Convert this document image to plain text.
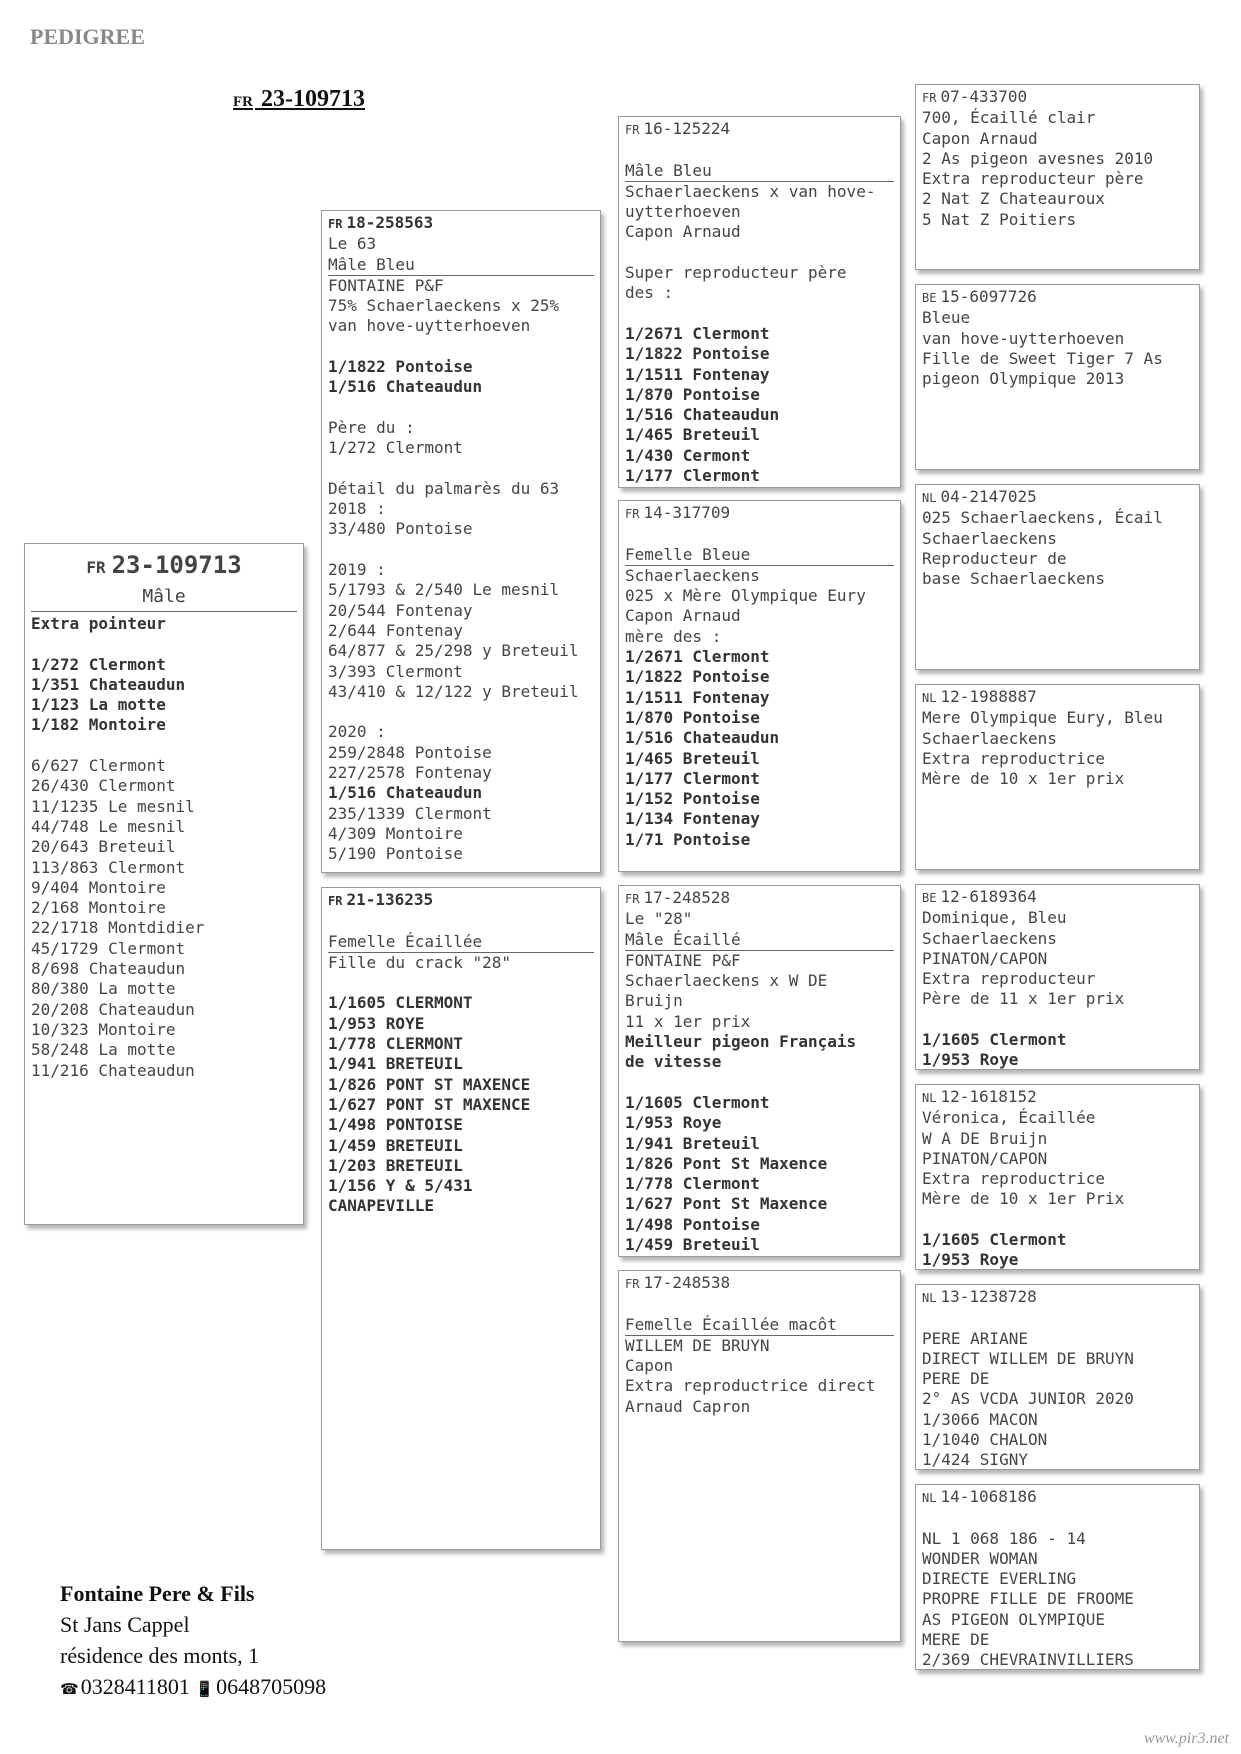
PEDIGREE
FR 23-109713
FR 23-109713
Mâle
Extra pointeur
1/272 Clermont
1/351 Chateaudun
1/123 La motte
1/182 Montoire
6/627 Clermont
26/430 Clermont
11/1235 Le mesnil
44/748 Le mesnil
20/643 Breteuil
113/863 Clermont
9/404 Montoire
2/168 Montoire
22/1718 Montdidier
45/1729 Clermont
8/698 Chateaudun
80/380 La motte
20/208 Chateaudun
10/323 Montoire
58/248 La motte
11/216 Chateaudun
FR 18-258563
Le 63
Mâle Bleu
FONTAINE P&F
75% Schaerlaeckens x 25%
van hove-uytterhoeven
1/1822 Pontoise
1/516 Chateaudun
Père du :
1/272 Clermont
Détail du palmarès du 63
2018 :
33/480 Pontoise
2019 :
5/1793 & 2/540 Le mesnil
20/544 Fontenay
2/644 Fontenay
64/877 & 25/298 y Breteuil
3/393 Clermont
43/410 & 12/122 y Breteuil
2020 :
259/2848 Pontoise
227/2578 Fontenay
1/516 Chateaudun
235/1339 Clermont
4/309 Montoire
5/190 Pontoise
FR 21-136235
Femelle Écaillée
Fille du crack "28"
1/1605 CLERMONT
1/953 ROYE
1/778 CLERMONT
1/941 BRETEUIL
1/826 PONT ST MAXENCE
1/627 PONT ST MAXENCE
1/498 PONTOISE
1/459 BRETEUIL
1/203 BRETEUIL
1/156 Y & 5/431
CANAPEVILLE
FR 16-125224
Mâle Bleu
Schaerlaeckens x van hove-
uytterhoeven
Capon Arnaud
Super reproducteur père
des :
1/2671 Clermont
1/1822 Pontoise
1/1511 Fontenay
1/870 Pontoise
1/516 Chateaudun
1/465 Breteuil
1/430 Cermont
1/177 Clermont
FR 14-317709
Femelle Bleue
Schaerlaeckens
025 x Mère Olympique Eury
Capon Arnaud
mère des :
1/2671 Clermont
1/1822 Pontoise
1/1511 Fontenay
1/870 Pontoise
1/516 Chateaudun
1/465 Breteuil
1/177 Clermont
1/152 Pontoise
1/134 Fontenay
1/71 Pontoise
FR 17-248528
Le "28"
Mâle Écaillé
FONTAINE P&F
Schaerlaeckens x W DE
Bruijn
11 x 1er prix
Meilleur pigeon Français
de vitesse
1/1605 Clermont
1/953 Roye
1/941 Breteuil
1/826 Pont St Maxence
1/778 Clermont
1/627 Pont St Maxence
1/498 Pontoise
1/459 Breteuil
FR 17-248538
Femelle Écaillée macôt
WILLEM DE BRUYN
Capon
Extra reproductrice direct
Arnaud Capron
FR 07-433700
700, Écaillé clair
Capon Arnaud
2 As pigeon avesnes 2010
Extra reproducteur père
2 Nat Z Chateauroux
5 Nat Z Poitiers
BE 15-6097726
Bleue
van hove-uytterhoeven
Fille de Sweet Tiger 7 As
pigeon Olympique 2013
NL 04-2147025
025 Schaerlaeckens, Écail
Schaerlaeckens
Reproducteur de
base Schaerlaeckens
NL 12-1988887
Mere Olympique Eury, Bleu
Schaerlaeckens
Extra reproductrice
Mère de 10 x 1er prix
BE 12-6189364
Dominique, Bleu
Schaerlaeckens
PINATON/CAPON
Extra reproducteur
Père de 11 x 1er prix
1/1605 Clermont
1/953 Roye
NL 12-1618152
Véronica, Écaillée
W A DE Bruijn
PINATON/CAPON
Extra reproductrice
Mère de 10 x 1er Prix
1/1605 Clermont
1/953 Roye
NL 13-1238728
PERE ARIANE
DIRECT WILLEM DE BRUYN
PERE DE
2° AS VCDA JUNIOR 2020
1/3066 MACON
1/1040 CHALON
1/424 SIGNY
NL 14-1068186
NL 1 068 186 - 14
WONDER WOMAN
DIRECTE EVERLING
PROPRE FILLE DE FROOME
AS PIGEON OLYMPIQUE
MERE DE
2/369 CHEVRAINVILLIERS
Fontaine Pere & Fils
St Jans Cappel
résidence des monts, 1
☎0328411801 📱0648705098
www.pir3.net
